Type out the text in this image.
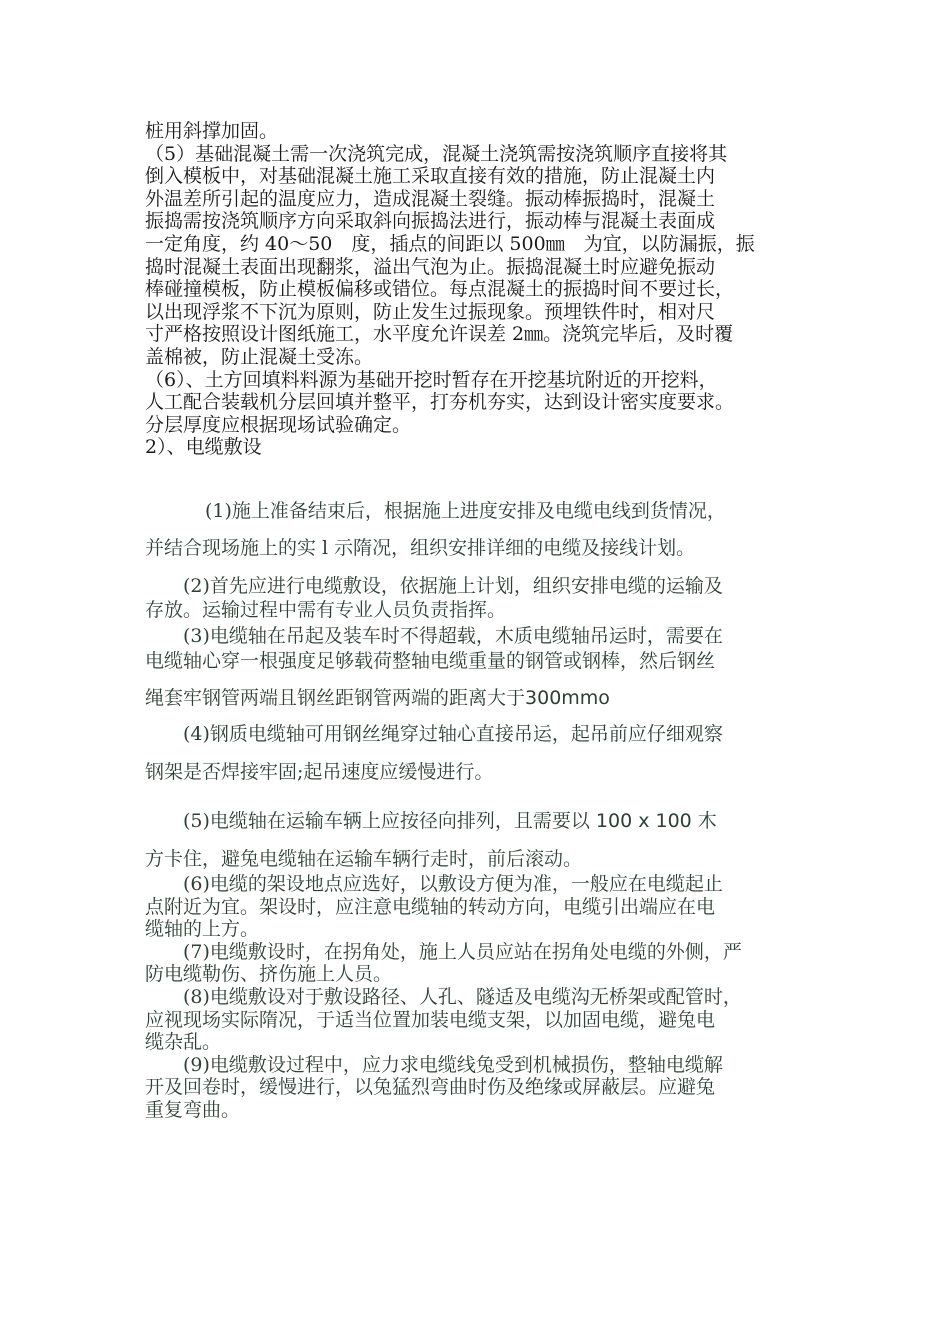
桩用斜撑加固。
（5）基础混凝土需一次浇筑完成，混凝土浇筑需按浇筑顺序直接将其
倒入模板中，对基础混凝土施工采取直接有效的措施，防止混凝土内
外温差所引起的温度应力，造成混凝土裂缝。振动棒振捣时，混凝土
振捣需按浇筑顺序方向采取斜向振捣法进行，振动棒与混凝土表面成
一定角度，约 40～50　度，插点的间距以 500㎜　为宜，以防漏振，振
捣时混凝土表面出现翻浆，溢出气泡为止。振捣混凝土时应避免振动
棒碰撞模板，防止模板偏移或错位。每点混凝土的振捣时间不要过长，
以出现浮浆不下沉为原则，防止发生过振现象。预埋铁件时，相对尺
寸严格按照设计图纸施工，水平度允许误差 2㎜。浇筑完毕后，及时覆
盖棉被，防止混凝土受冻。
（6）、土方回填料料源为基础开挖时暂存在开挖基坑附近的开挖料，
人工配合装载机分层回填并整平，打夯机夯实，达到设计密实度要求。
分层厚度应根据现场试验确定。
2）、电缆敷设
(1)施上准备结束后，根据施上进度安排及电缆电线到货情况，
并结合现场施上的实 l 示隋况，组织安排详细的电缆及接线计划。
(2)首先应进行电缆敷设，依据施上计划，组织安排电缆的运输及
存放。运输过程中需有专业人员负责指挥。
(3)电缆轴在吊起及装车时不得超载，木质电缆轴吊运时，需要在
电缆轴心穿一根强度足够载荷整轴电缆重量的钢管或钢棒，然后钢丝
绳套牢钢管两端且钢丝距钢管两端的距离大于300mmo
(4)钢质电缆轴可用钢丝绳穿过轴心直接吊运，起吊前应仔细观察
钢架是否焊接牢固;起吊速度应缓慢进行。
(5)电缆轴在运输车辆上应按径向排列，且需要以 100 x 100 木
方卡住，避兔电缆轴在运输车辆行走时，前后滚动。
　　(6)电缆的架设地点应选好，以敷设方便为准，一般应在电缆起止
点附近为宜。架设时，应注意电缆轴的转动方向，电缆引出端应在电
缆轴的上方。
　　(7)电缆敷设时，在拐角处，施上人员应站在拐角处电缆的外侧，严
防电缆勒伤、挤伤施上人员。
　　(8)电缆敷设对于敷设路径、人孔、隧适及电缆沟无桥架或配管时，
应视现场实际隋况，于适当位置加装电缆支架，以加固电缆，避兔电
缆杂乱。
　　(9)电缆敷设过程中，应力求电缆线兔受到机械损伤，整轴电缆解
开及回卷时，缓慢进行，以兔猛烈弯曲时伤及绝缘或屏蔽层。应避兔
重复弯曲。
